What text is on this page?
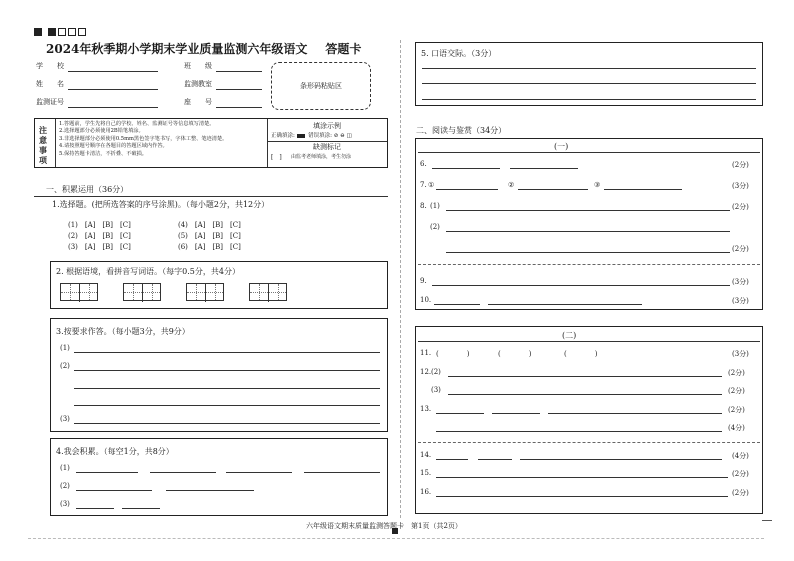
2024年秋季期小学期末学业质量监测六年级语文 答题卡
学　　校	班　　级
姓　　名	监测教室
监测证号	座　　号
条形码粘贴区
注意事项
1.答题前，学生先将自己的学校、姓名、监测证号等信息填写清楚。
2.选择题部分必须使用2B铅笔填涂。
3.非选择题部分必须使用0.5mm黑色签字笔书写，字体工整、笔迹清楚。
4.请按照题号顺序在各题目的答题区域内作答。
5.保持答题卡清洁，不折叠、不破损。
填涂示例
正确填涂:   错误填涂: ⊘ ⊖ ◫
缺测标记
[　] 由监考老师填涂，考生勿涂
一、积累运用（36分）
1.选择题。(把所选答案的序号涂黑)。（每小题2分，共12分）
(1)　[A]　[B]　[C]
(2)　[A]　[B]　[C]
(3)　[A]　[B]　[C]
(4)　[A]　[B]　[C]
(5)　[A]　[B]　[C]
(6)　[A]　[B]　[C]
2. 根据语境，看拼音写词语。（每字0.5分，共4分）
3.按要求作答。（每小题3分，共9分）
(1)
(2)
(3)
4.我会积累。（每空1分，共8分）
(1)
(2)
(3)
5. 口语交际。（3分）
二、阅读与鉴赏（34分）
(一)
6.	(2分)
7. ①	②	③	(3分)
8. (1)	(2分)
(2)
(2分)
9.	(3分)
10.	(3分)
(二)
11. (　　　　)	(　　　　)	(　　　　)	(3分)
12. (2)	(2分)
(3)	(2分)
13.	(2分)
(4分)
14.	(4分)
15.	(2分)
16.	(2分)
六年级语文期末质量监测答题卡　第1页（共2页）
